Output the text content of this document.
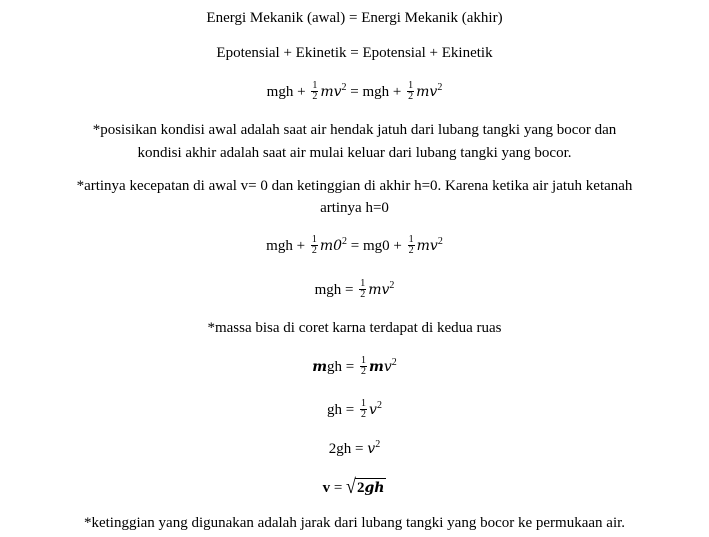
Energi Mekanik (awal) = Energi Mekanik (akhir)
Epotensial + Ekinetik = Epotensial + Ekinetik
mgh + $\frac{1}{2} mv^2$ = mgh + $\frac{1}{2} mv^2$
*posisikan kondisi awal adalah saat air hendak jatuh dari lubang tangki yang bocor dan
kondisi akhir adalah saat air mulai keluar dari lubang tangki yang bocor.
*artinya kecepatan di awal v= 0 dan ketinggian di akhir h=0. Karena ketika air jatuh ketanah
artinya h=0
mgh + $\frac{1}{2} m0^2 = mg0 + \frac{1}{2} mv^2$
mgh = $\frac{1}{2} mv^2$
*massa bisa di coret karna terdapat di kedua ruas
mgh = $\frac{1}{2} mv^2$
gh = $\frac{1}{2} v^2$
$2gh = v^2$
v = √2gh
*ketinggian yang digunakan adalah jarak dari lubang tangki yang bocor ke permukaan air.
